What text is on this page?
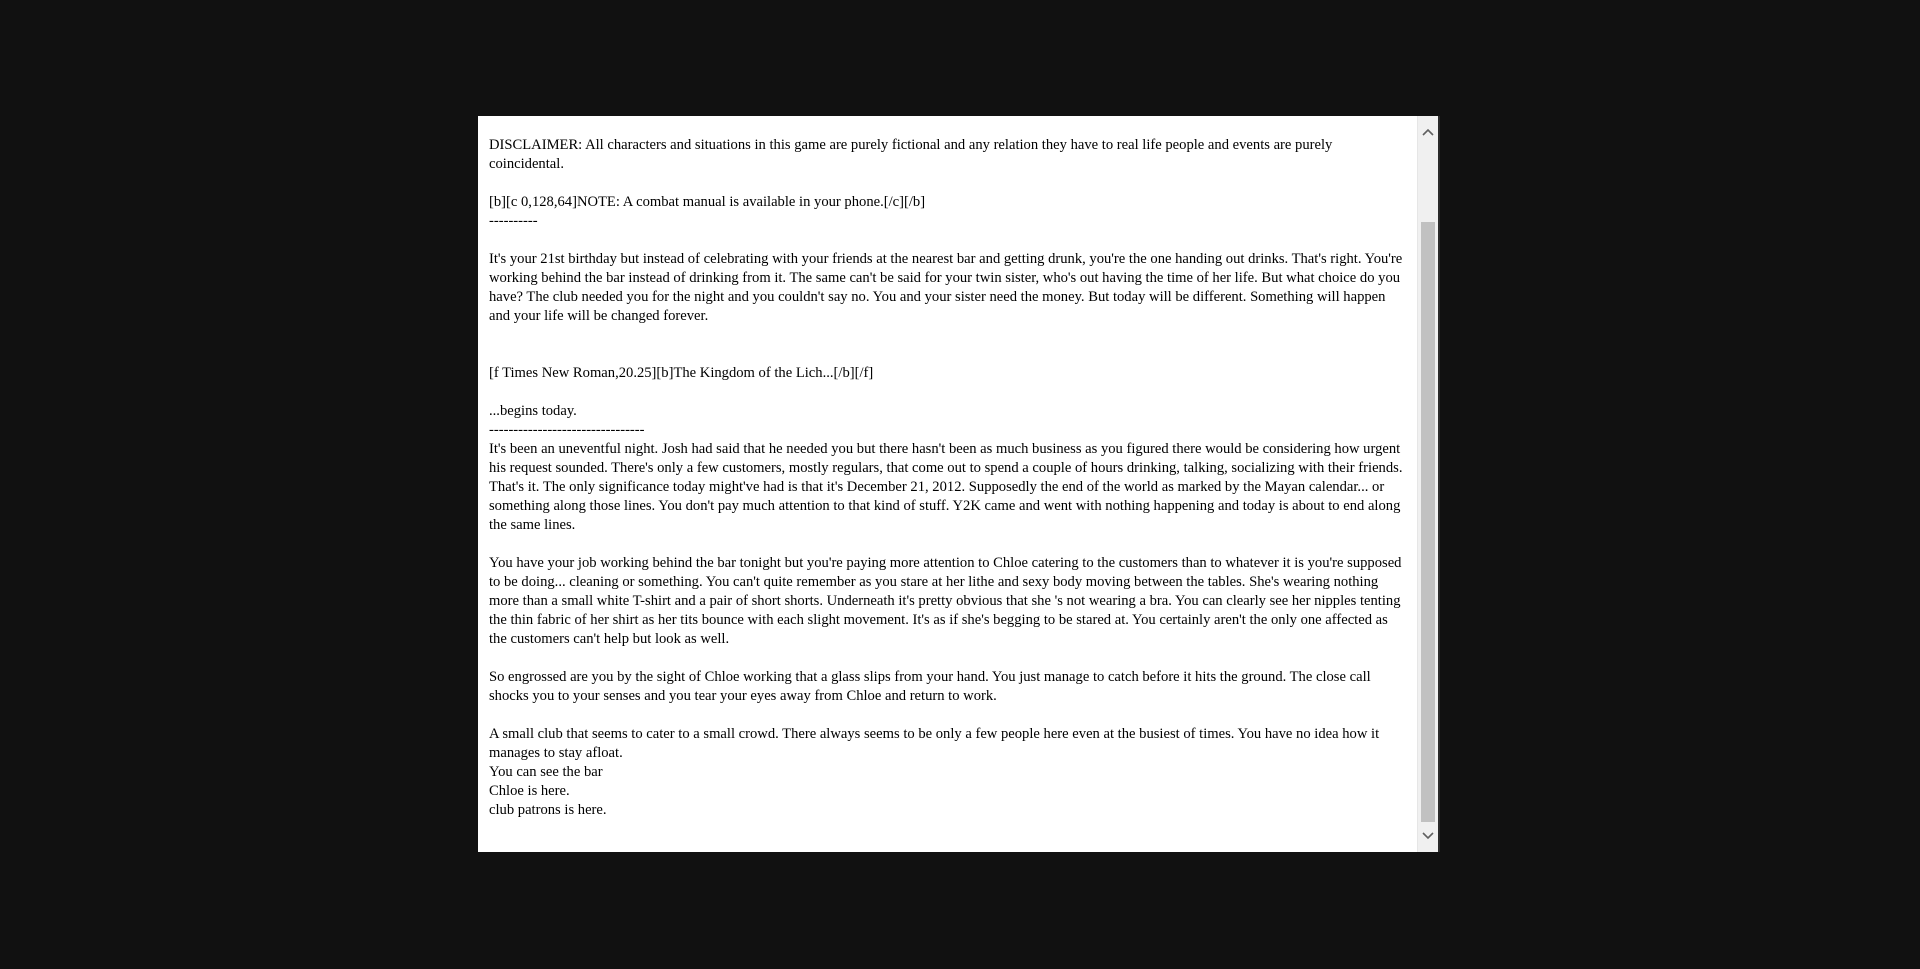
DISCLAIMER: All characters and situations in this game are purely fictional and any relation they have to real life people and events are purely coincidental.

[b][c 0,128,64]NOTE: A combat manual is available in your phone.[/c][/b]

----------

It's your 21st birthday but instead of celebrating with your friends at the nearest bar and getting drunk, you're the one handing out drinks. That's right. You're working behind the bar instead of drinking from it. The same can't be said for your twin sister, who's out having the time of her life. But what choice do you have? The club needed you for the night and you couldn't say no. You and your sister need the money. But today will be different. Something will happen and your life will be changed forever.

[f Times New Roman,20.25][b]The Kingdom of the Lich...[/b][/f]

...begins today.

--------------------------------

It's been an uneventful night. Josh had said that he needed you but there hasn't been as much business as you figured there would be considering how urgent his request sounded. There's only a few customers, mostly regulars, that come out to spend a couple of hours drinking, talking, socializing with their friends. That's it. The only significance today might've had is that it's December 21, 2012. Supposedly the end of the world as marked by the Mayan calendar... or something along those lines. You don't pay much attention to that kind of stuff. Y2K came and went with nothing happening and today is about to end along the same lines.

You have your job working behind the bar tonight but you're paying more attention to Chloe catering to the customers than to whatever it is you're supposed to be doing... cleaning or something. You can't quite remember as you stare at her lithe and sexy body moving between the tables. She's wearing nothing more than a small white T-shirt and a pair of short shorts. Underneath it's pretty obvious that she 's not wearing a bra. You can clearly see her nipples tenting the thin fabric of her shirt as her tits bounce with each slight movement. It's as if she's begging to be stared at. You certainly aren't the only one affected as the customers can't help but look as well.

So engrossed are you by the sight of Chloe working that a glass slips from your hand. You just manage to catch before it hits the ground. The close call shocks you to your senses and you tear your eyes away from Chloe and return to work.

A small club that seems to cater to a small crowd. There always seems to be only a few people here even at the busiest of times. You have no idea how it manages to stay afloat.

You can see the bar

Chloe is here.

club patrons is here.
